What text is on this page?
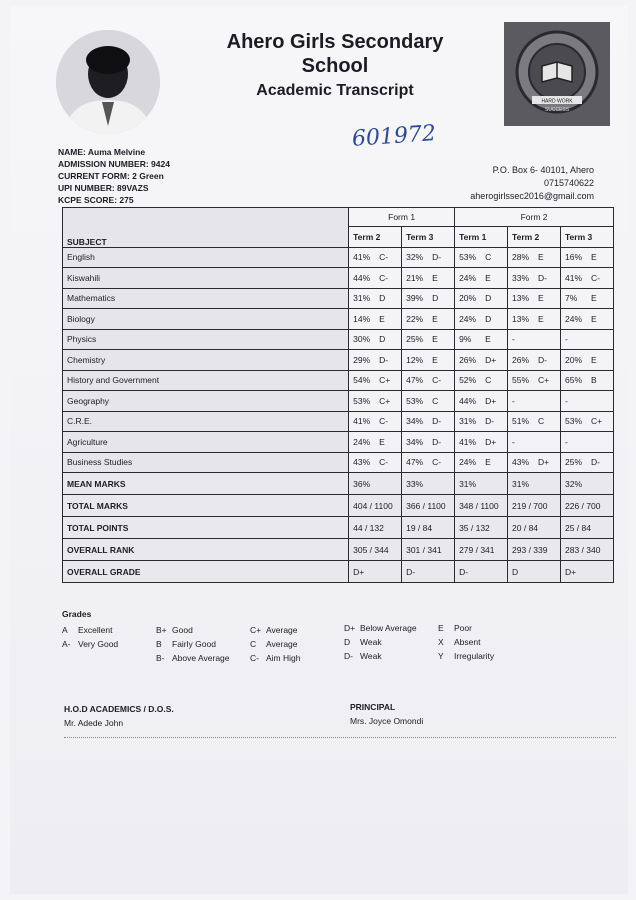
Ahero Girls Secondary School
Academic Transcript
HARD WORK
SUCCESS
601972
NAME: Auma Melvine
ADMISSION NUMBER: 9424
CURRENT FORM: 2 Green
UPI NUMBER: 89VAZS
KCPE SCORE: 275
P.O. Box 6- 40101, Ahero
0715740622
aherogirlssec2016@gmail.com
SUBJECT	Form 1		Form 2		
	Term 2	Term 3	Term 1	Term 2	Term 3
English	41% C-	32% D-	53% C	28% E	16% E
Kiswahili	44% C-	21% E	24% E	33% D-	41% C-
Mathematics	31% D	39% D	20% D	13% E	7% E
Biology	14% E	22% E	24% D	13% E	24% E
Physics	30% D	25% E	9% E	-	-
Chemistry	29% D-	12% E	26% D+	26% D-	20% E
History and Government	54% C+	47% C-	52% C	55% C+	65% B
Geography	53% C+	53% C	44% D+	-	-
C.R.E.	41% C-	34% D-	31% D-	51% C	53% C+
Agriculture	24% E	34% D-	41% D+	-	-
Business Studies	43% C-	47% C-	24% E	43% D+	25% D-
MEAN MARKS	36%	33%	31%	31%	32%
TOTAL MARKS	404 / 1100	366 / 1100	348 / 1100	219 / 700	226 / 700
TOTAL POINTS	44 / 132	19 / 84	35 / 132	20 / 84	25 / 84
OVERALL RANK	305 / 344	301 / 341	279 / 341	293 / 339	283 / 340
OVERALL GRADE	D+	D-	D-	D	D+
Grades
A Excellent
A- Very Good
B+ Good
B Fairly Good
B- Above Average
C+ Average
C Average
C- Aim High
D+ Below Average
D Weak
D- Weak
E Poor
X Absent
Y Irregularity
H.O.D ACADEMICS / D.O.S.
Mr. Adede John
PRINCIPAL
Mrs. Joyce Omondi
